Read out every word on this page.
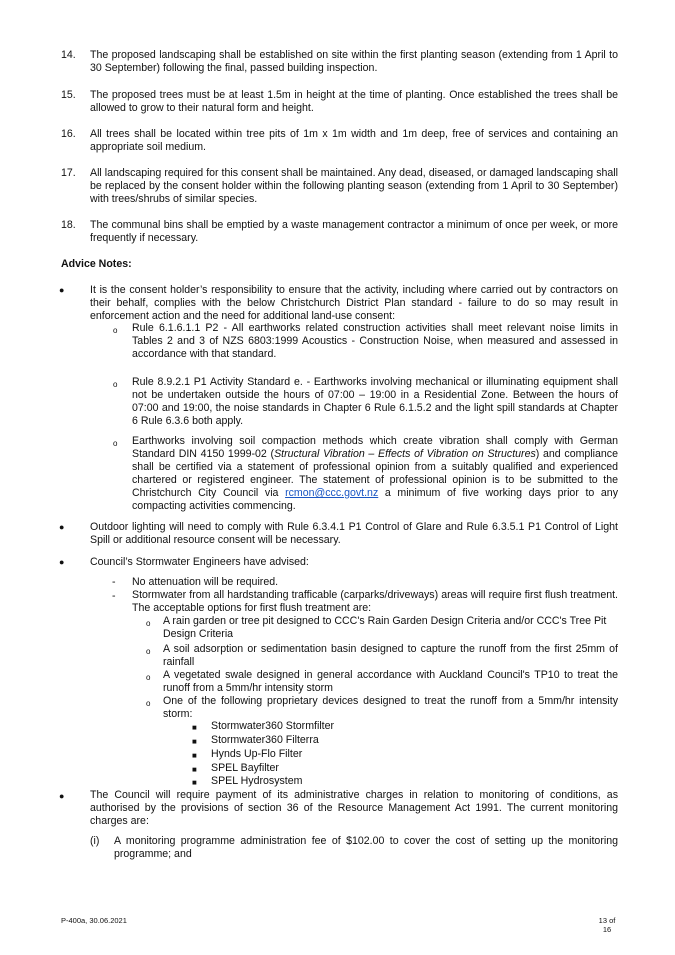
14. The proposed landscaping shall be established on site within the first planting season (extending from 1 April to 30 September) following the final, passed building inspection.
15. The proposed trees must be at least 1.5m in height at the time of planting. Once established the trees shall be allowed to grow to their natural form and height.
16. All trees shall be located within tree pits of 1m x 1m width and 1m deep, free of services and containing an appropriate soil medium.
17. All landscaping required for this consent shall be maintained. Any dead, diseased, or damaged landscaping shall be replaced by the consent holder within the following planting season (extending from 1 April to 30 September) with trees/shrubs of similar species.
18. The communal bins shall be emptied by a waste management contractor a minimum of once per week, or more frequently if necessary.
Advice Notes:
● It is the consent holder’s responsibility to ensure that the activity, including where carried out by contractors on their behalf, complies with the below Christchurch District Plan standard - failure to do so may result in enforcement action and the need for additional land-use consent:
o Rule 6.1.6.1.1 P2 - All earthworks related construction activities shall meet relevant noise limits in Tables 2 and 3 of NZS 6803:1999 Acoustics - Construction Noise, when measured and assessed in accordance with that standard.
o Rule 8.9.2.1 P1 Activity Standard e. - Earthworks involving mechanical or illuminating equipment shall not be undertaken outside the hours of 07:00 – 19:00 in a Residential Zone. Between the hours of 07:00 and 19:00, the noise standards in Chapter 6 Rule 6.1.5.2 and the light spill standards at Chapter 6 Rule 6.3.6 both apply.
o Earthworks involving soil compaction methods which create vibration shall comply with German Standard DIN 4150 1999-02 (Structural Vibration – Effects of Vibration on Structures) and compliance shall be certified via a statement of professional opinion from a suitably qualified and experienced chartered or registered engineer. The statement of professional opinion is to be submitted to the Christchurch City Council via rcmon@ccc.govt.nz a minimum of five working days prior to any compacting activities commencing.
● Outdoor lighting will need to comply with Rule 6.3.4.1 P1 Control of Glare and Rule 6.3.5.1 P1 Control of Light Spill or additional resource consent will be necessary.
● Council’s Stormwater Engineers have advised:
- No attenuation will be required.
- Stormwater from all hardstanding trafficable (carparks/driveways) areas will require first flush treatment. The acceptable options for first flush treatment are:
o A rain garden or tree pit designed to CCC's Rain Garden Design Criteria and/or CCC's Tree Pit Design Criteria
o A soil adsorption or sedimentation basin designed to capture the runoff from the first 25mm of rainfall
o A vegetated swale designed in general accordance with Auckland Council's TP10 to treat the runoff from a 5mm/hr intensity storm
o One of the following proprietary devices designed to treat the runoff from a 5mm/hr intensity storm:
■ Stormwater360 Stormfilter
■ Stormwater360 Filterra
■ Hynds Up-Flo Filter
■ SPEL Bayfilter
■ SPEL Hydrosystem
● The Council will require payment of its administrative charges in relation to monitoring of conditions, as authorised by the provisions of section 36 of the Resource Management Act 1991. The current monitoring charges are:
(i) A monitoring programme administration fee of $102.00 to cover the cost of setting up the monitoring programme; and
P-400a, 30.06.2021	13 of
16
